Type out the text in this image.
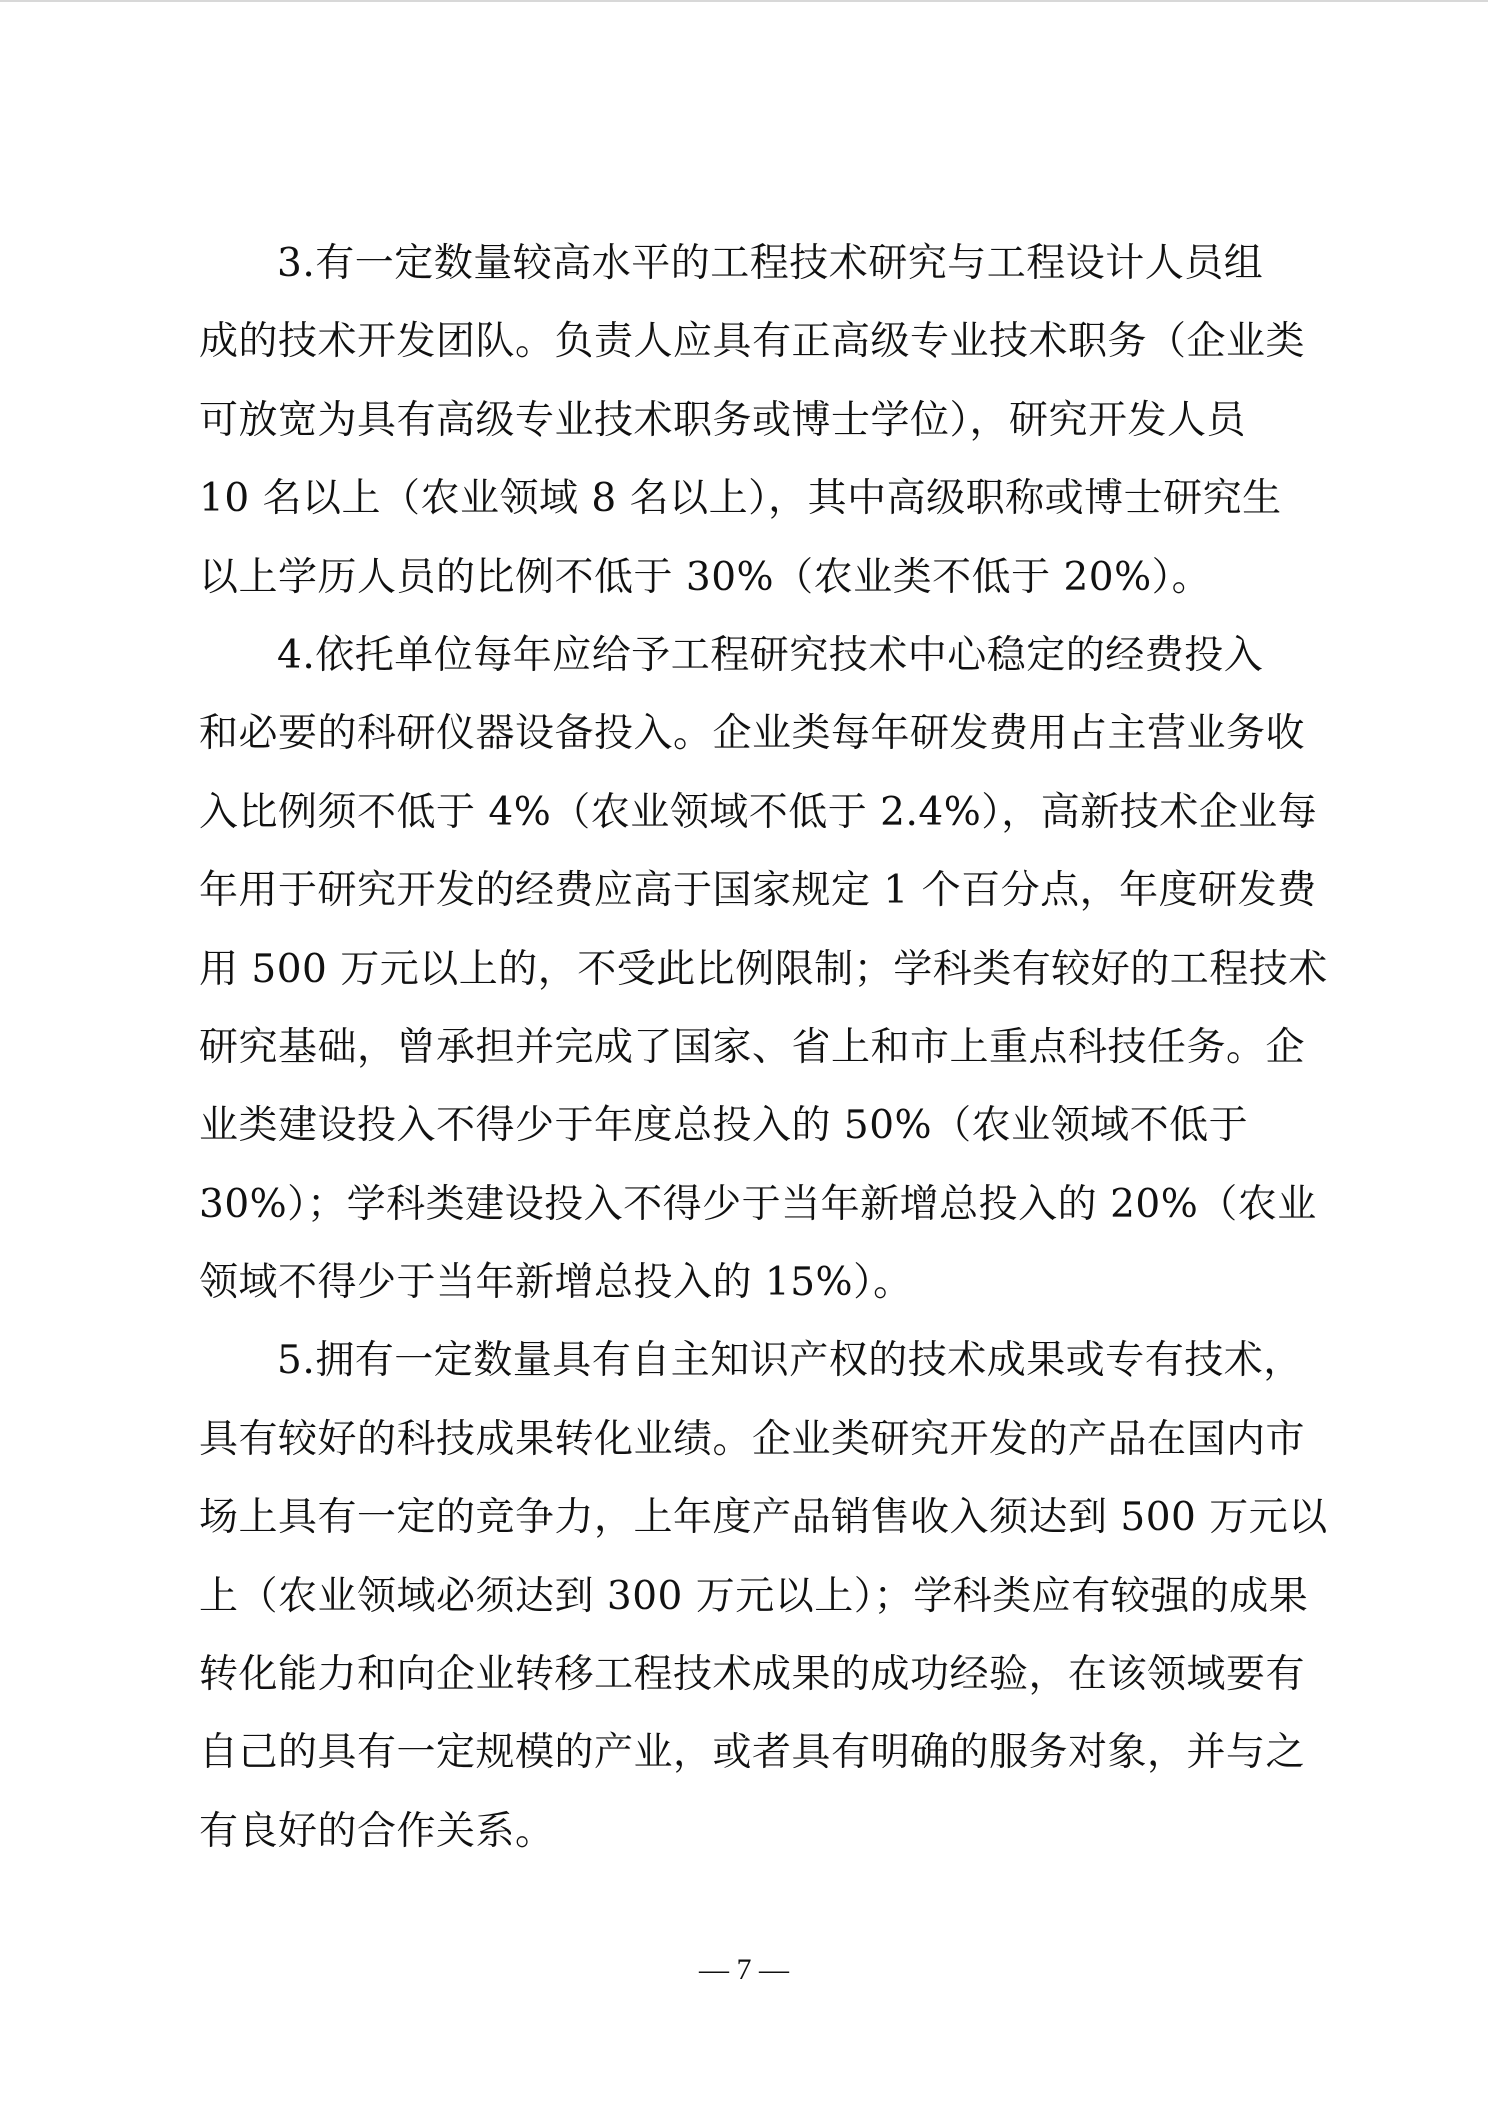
3.有一定数量较高水平的工程技术研究与工程设计人员组
成的技术开发团队。负责人应具有正高级专业技术职务（企业类
可放宽为具有高级专业技术职务或博士学位），研究开发人员
10 名以上（农业领域 8 名以上），其中高级职称或博士研究生
以上学历人员的比例不低于 30%（农业类不低于 20%）。
4.依托单位每年应给予工程研究技术中心稳定的经费投入
和必要的科研仪器设备投入。企业类每年研发费用占主营业务收
入比例须不低于 4%（农业领域不低于 2.4%），高新技术企业每
年用于研究开发的经费应高于国家规定 1 个百分点，年度研发费
用 500 万元以上的，不受此比例限制；学科类有较好的工程技术
研究基础，曾承担并完成了国家、省上和市上重点科技任务。企
业类建设投入不得少于年度总投入的 50%（农业领域不低于
30%）；学科类建设投入不得少于当年新增总投入的 20%（农业
领域不得少于当年新增总投入的 15%）。
5.拥有一定数量具有自主知识产权的技术成果或专有技术，
具有较好的科技成果转化业绩。企业类研究开发的产品在国内市
场上具有一定的竞争力，上年度产品销售收入须达到 500 万元以
上（农业领域必须达到 300 万元以上）；学科类应有较强的成果
转化能力和向企业转移工程技术成果的成功经验，在该领域要有
自己的具有一定规模的产业，或者具有明确的服务对象，并与之
有良好的合作关系。
— 7 —
